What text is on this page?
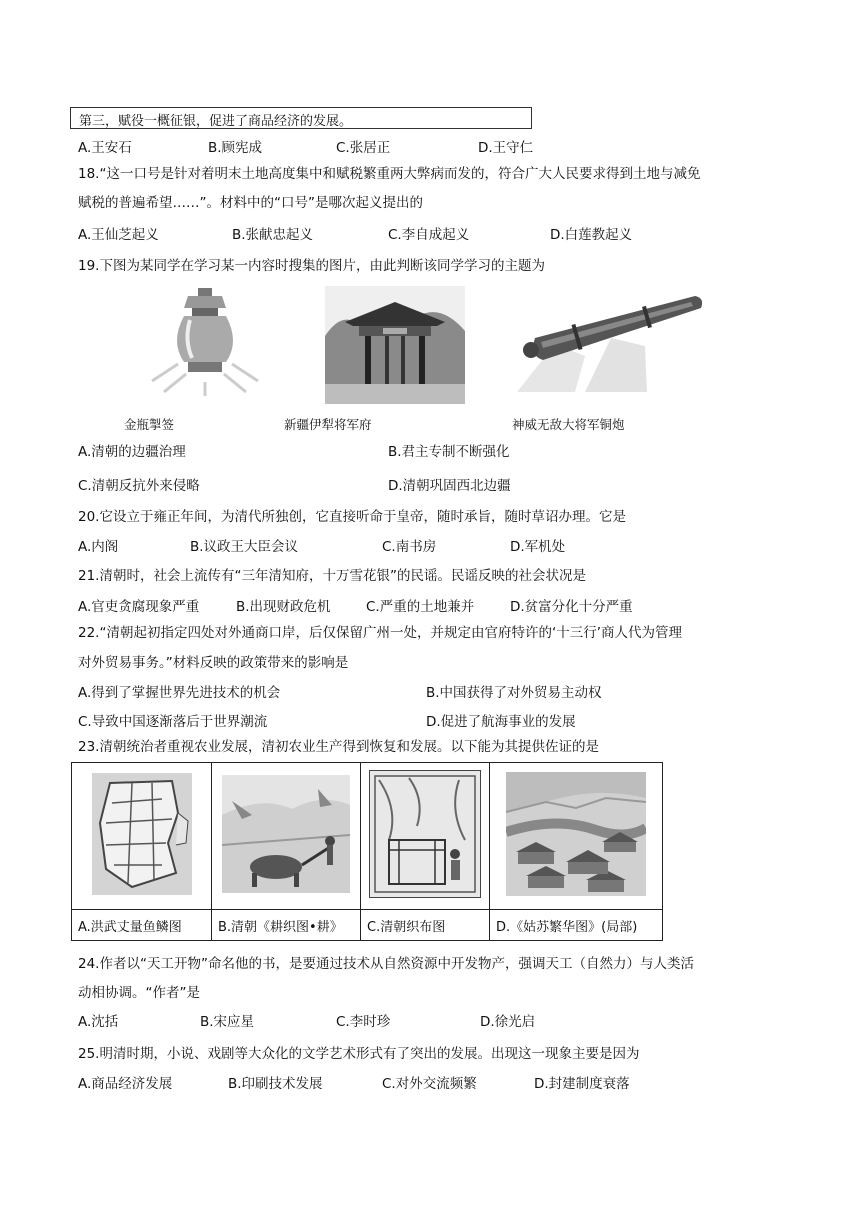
第三，赋役一概征银，促进了商品经济的发展。
A.王安石	B.顾宪成	C.张居正	D.王守仁
18.“这一口号是针对着明末土地高度集中和赋税繁重两大弊病而发的，符合广大人民要求得到土地与减免
赋税的普遍希望……”。材料中的“口号”是哪次起义提出的
A.王仙芝起义	B.张献忠起义	C.李自成起义	D.白莲教起义
19.下图为某同学在学习某一内容时搜集的图片，由此判断该同学学习的主题为
金瓶掣签	新疆伊犁将军府	神威无敌大将军铜炮
A.清朝的边疆治理	B.君主专制不断强化
C.清朝反抗外来侵略	D.清朝巩固西北边疆
20.它设立于雍正年间，为清代所独创，它直接听命于皇帝，随时承旨，随时草诏办理。它是
A.内阁	B.议政王大臣会议	C.南书房	D.军机处
21.清朝时，社会上流传有“三年清知府，十万雪花银”的民谣。民谣反映的社会状况是
A.官吏贪腐现象严重	B.出现财政危机	C.严重的土地兼并	D.贫富分化十分严重
22.“清朝起初指定四处对外通商口岸，后仅保留广州一处，并规定由官府特许的‘十三行’商人代为管理
对外贸易事务。”材料反映的政策带来的影响是
A.得到了掌握世界先进技术的机会	B.中国获得了对外贸易主动权
C.导致中国逐渐落后于世界潮流	D.促进了航海事业的发展
23.清朝统治者重视农业发展，清初农业生产得到恢复和发展。以下能为其提供佐证的是

A.洪武丈量鱼鳞图	B.清朝《耕织图•耕》	C.清朝织布图	D.《姑苏繁华图》(局部)
24.作者以“天工开物”命名他的书，是要通过技术从自然资源中开发物产，强调天工（自然力）与人类活
动相协调。“作者”是
A.沈括	B.宋应星	C.李时珍	D.徐光启
25.明清时期，小说、戏剧等大众化的文学艺术形式有了突出的发展。出现这一现象主要是因为
A.商品经济发展	B.印刷技术发展	C.对外交流频繁	D.封建制度衰落
